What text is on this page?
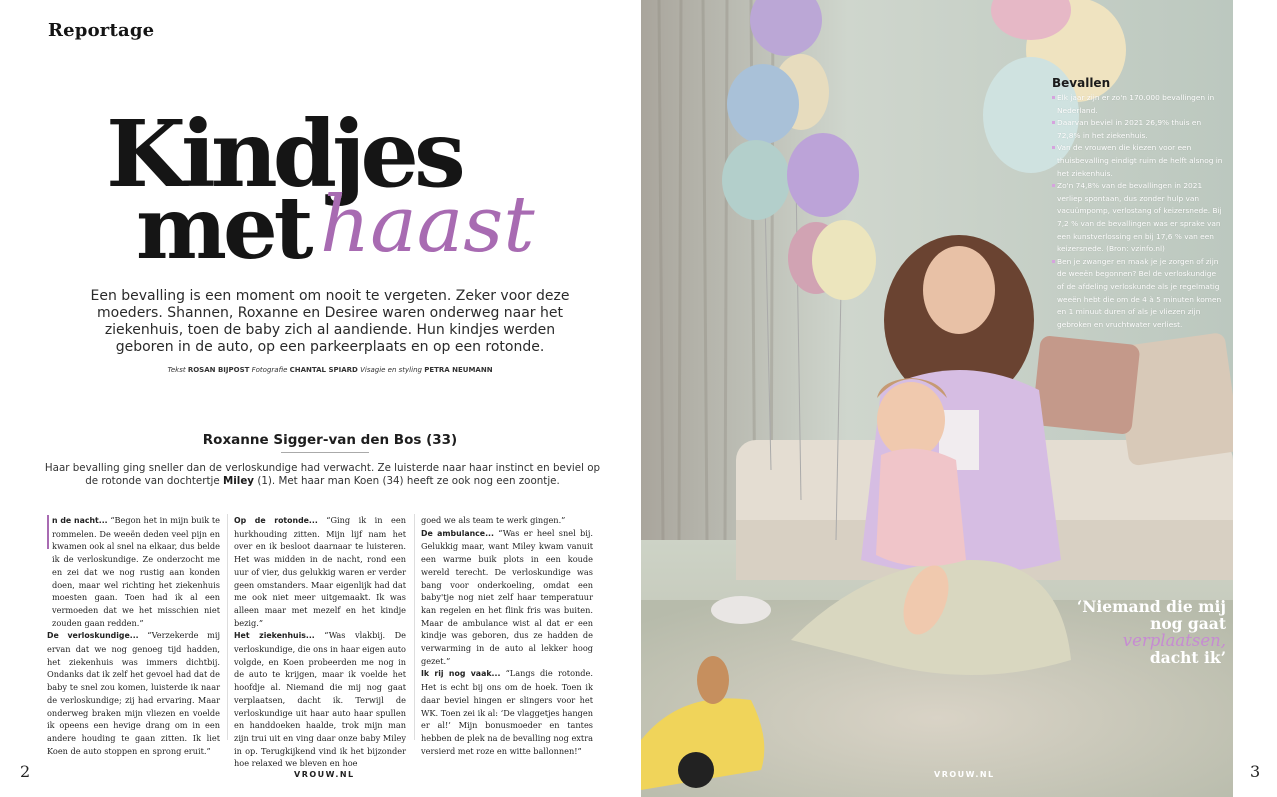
Reportage
Kindjes
met haast
Een bevalling is een moment om nooit te vergeten. Zeker voor deze moeders. Shannen, Roxanne en Desiree waren onderweg naar het ziekenhuis, toen de baby zich al aandiende. Hun kindjes werden geboren in de auto, op een parkeerplaats en op een rotonde.
Tekst ROSAN BIJPOST Fotografie CHANTAL SPIARD Visagie en styling PETRA NEUMANN
Roxanne Sigger-van den Bos (33)
Haar bevalling ging sneller dan de verloskundige had verwacht. Ze luisterde naar haar instinct en beviel op de rotonde van dochtertje Miley (1). Met haar man Koen (34) heeft ze ook nog een zoontje.

n de nacht... “Begon het in mijn buik te rommelen. De weeën deden veel pijn en kwamen ook al snel na elkaar, dus belde ik de verloskundige. Ze onderzocht me en zei dat we nog rustig aan konden doen, maar wel richting het ziekenhuis moesten gaan. Toen had ik al een vermoeden dat we het misschien niet zouden gaan redden.”

De verloskundige... “Verzekerde mij ervan dat we nog genoeg tijd hadden, het ziekenhuis was immers dichtbij. Ondanks dat ik zelf het gevoel had dat de baby te snel zou komen, luisterde ik naar de verloskundige; zij had ervaring. Maar onderweg braken mijn vliezen en voelde ik opeens een hevige drang om in een andere houding te gaan zitten. Ik liet Koen de auto stoppen en sprong eruit.”

Op de rotonde... “Ging ik in een hurkhouding zitten. Mijn lijf nam het over en ik besloot daarnaar te luisteren. Het was midden in de nacht, rond een uur of vier, dus gelukkig waren er verder geen omstanders. Maar eigenlijk had dat me ook niet meer uitgemaakt. Ik was alleen maar met mezelf en het kindje bezig.”

Het ziekenhuis... “Was vlakbij. De verloskundige, die ons in haar eigen auto volgde, en Koen probeerden me nog in de auto te krijgen, maar ik voelde het hoofdje al. Niemand die mij nog gaat verplaatsen, dacht ik. Terwijl de verloskundige uit haar auto haar spullen en handdoeken haalde, trok mijn man zijn trui uit en ving daar onze baby Miley in op. Terugkijkend vind ik het bijzonder hoe relaxed we bleven en hoe

goed we als team te werk gingen.”

De ambulance... “Was er heel snel bij. Gelukkig maar, want Miley kwam vanuit een warme buik plots in een koude wereld terecht. De verloskundige was bang voor onderkoeling, omdat een baby'tje nog niet zelf haar temperatuur kan regelen en het flink fris was buiten. Maar de ambulance wist al dat er een kindje was geboren, dus ze hadden de verwarming in de auto al lekker hoog gezet.”

Ik rij nog vaak... “Langs die rotonde. Het is echt bij ons om de hoek. Toen ik daar beviel hingen er slingers voor het WK. Toen zei ik al: ‘De vlaggetjes hangen er al!’ Mijn bonusmoeder en tantes hebben de plek na de bevalling nog extra versierd met roze en witte ballonnen!”

2	VROUW.NL
Bevallen
Elk jaar zijn er zo'n 170.000 bevallingen in Nederland.
Daarvan beviel in 2021 26,9% thuis en 72,8% in het ziekenhuis.
Van de vrouwen die kiezen voor een thuisbevalling eindigt ruim de helft alsnog in het ziekenhuis.
Zo'n 74,8% van de bevallingen in 2021 verliep spontaan, dus zonder hulp van vacuümpomp, verlostang of keizersnede. Bij 7,2 % van de bevallingen was er sprake van een kunstverlossing en bij 17,6 % van een keizersnede. (Bron: vzinfo.nl)
Ben je zwanger en maak je je zorgen of zijn de weeën begonnen? Bel de verloskundige of de afdeling verloskunde als je regelmatig weeën hebt die om de 4 à 5 minuten komen en 1 minuut duren of als je vliezen zijn gebroken en vruchtwater verliest.
‘Niemand die mij nog gaat
verplaatsen,
dacht ik’
VROUW.NL	3
